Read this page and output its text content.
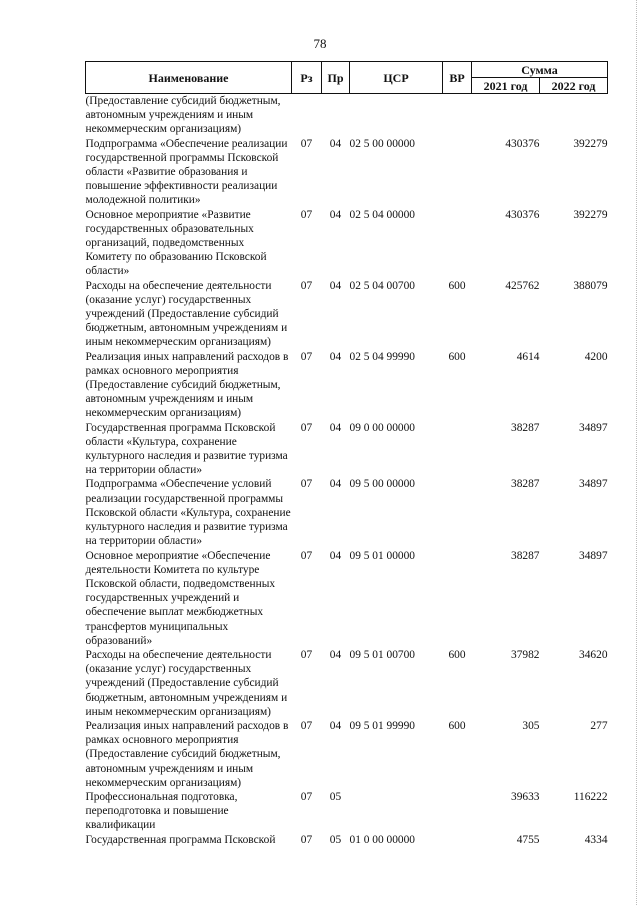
78
Наименование	Рз	Пр	ЦСР	ВР	Сумма	
					2021 год	2022 год
(Предоставление субсидий бюджетным, автономным учреждениям и иным некоммерческим организациям)						
Подпрограмма «Обеспечение реализации государственной программы Псковской области «Развитие образования и повышение эффективности реализации молодежной политики»	07	04	02 5 00 00000		430376	392279
Основное мероприятие «Развитие государственных образовательных организаций, подведомственных Комитету по образованию Псковской области»	07	04	02 5 04 00000		430376	392279
Расходы на обеспечение деятельности (оказание услуг) государственных учреждений (Предоставление субсидий бюджетным, автономным учреждениям и иным некоммерческим организациям)	07	04	02 5 04 00700	600	425762	388079
Реализация иных направлений расходов в рамках основного мероприятия (Предоставление субсидий бюджетным, автономным учреждениям и иным некоммерческим организациям)	07	04	02 5 04 99990	600	4614	4200
Государственная программа Псковской области «Культура, сохранение культурного наследия и развитие туризма на территории области»	07	04	09 0 00 00000		38287	34897
Подпрограмма «Обеспечение условий реализации государственной программы Псковской области «Культура, сохранение культурного наследия и развитие туризма на территории области»	07	04	09 5 00 00000		38287	34897
Основное мероприятие «Обеспечение деятельности Комитета по культуре Псковской области, подведомственных государственных учреждений и обеспечение выплат межбюджетных трансфертов муниципальных образований»	07	04	09 5 01 00000		38287	34897
Расходы на обеспечение деятельности (оказание услуг) государственных учреждений (Предоставление субсидий бюджетным, автономным учреждениям и иным некоммерческим организациям)	07	04	09 5 01 00700	600	37982	34620
Реализация иных направлений расходов в рамках основного мероприятия (Предоставление субсидий бюджетным, автономным учреждениям и иным некоммерческим организациям)	07	04	09 5 01 99990	600	305	277
Профессиональная подготовка, переподготовка и повышение квалификации	07	05			39633	116222
Государственная программа Псковской	07	05	01 0 00 00000		4755	4334
